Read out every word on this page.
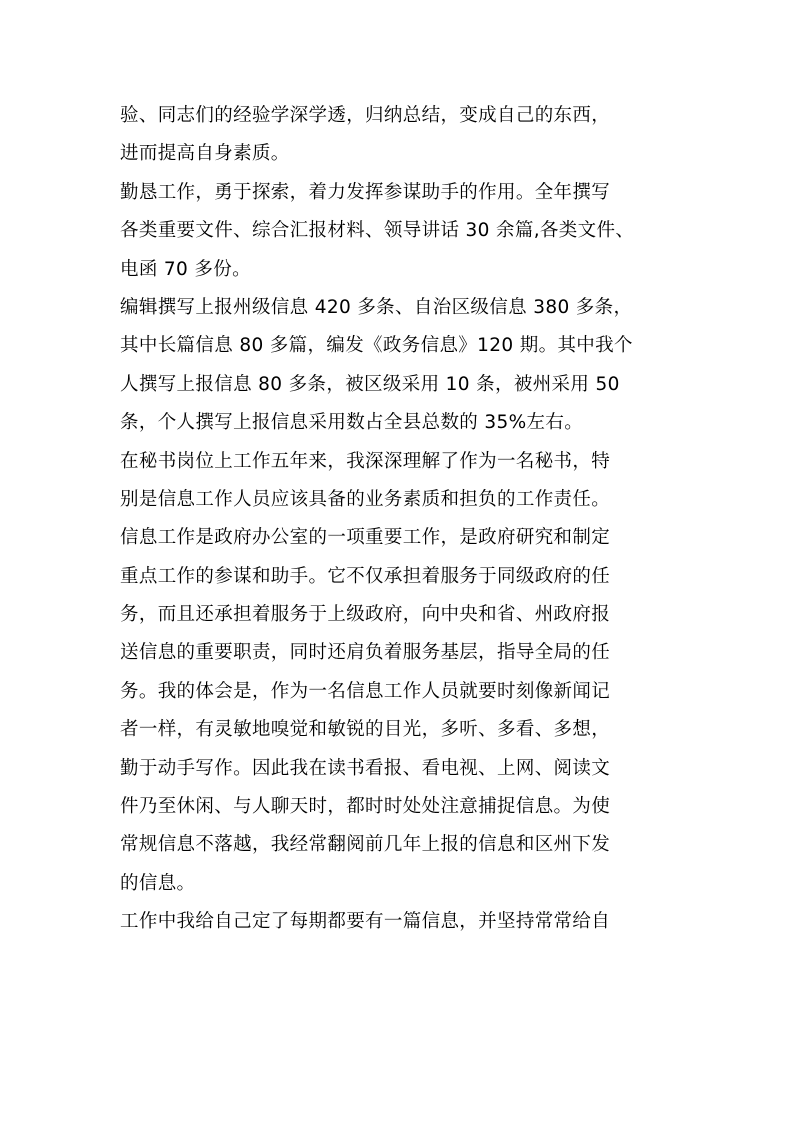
验、同志们的经验学深学透，归纳总结，变成自己的东西，
进而提高自身素质。
勤恳工作，勇于探索，着力发挥参谋助手的作用。全年撰写
各类重要文件、综合汇报材料、领导讲话 30 余篇,各类文件、
电函 70 多份。
编辑撰写上报州级信息 420 多条、自治区级信息 380 多条，
其中长篇信息 80 多篇，编发《政务信息》120 期。其中我个
人撰写上报信息 80 多条，被区级采用 10 条，被州采用 50
条，个人撰写上报信息采用数占全县总数的 35%左右。
在秘书岗位上工作五年来，我深深理解了作为一名秘书，特
别是信息工作人员应该具备的业务素质和担负的工作责任。
信息工作是政府办公室的一项重要工作，是政府研究和制定
重点工作的参谋和助手。它不仅承担着服务于同级政府的任
务，而且还承担着服务于上级政府，向中央和省、州政府报
送信息的重要职责，同时还肩负着服务基层，指导全局的任
务。我的体会是，作为一名信息工作人员就要时刻像新闻记
者一样，有灵敏地嗅觉和敏锐的目光，多听、多看、多想，
勤于动手写作。因此我在读书看报、看电视、上网、阅读文
件乃至休闲、与人聊天时，都时时处处注意捕捉信息。为使
常规信息不落越，我经常翻阅前几年上报的信息和区州下发
的信息。
工作中我给自己定了每期都要有一篇信息，并坚持常常给自
